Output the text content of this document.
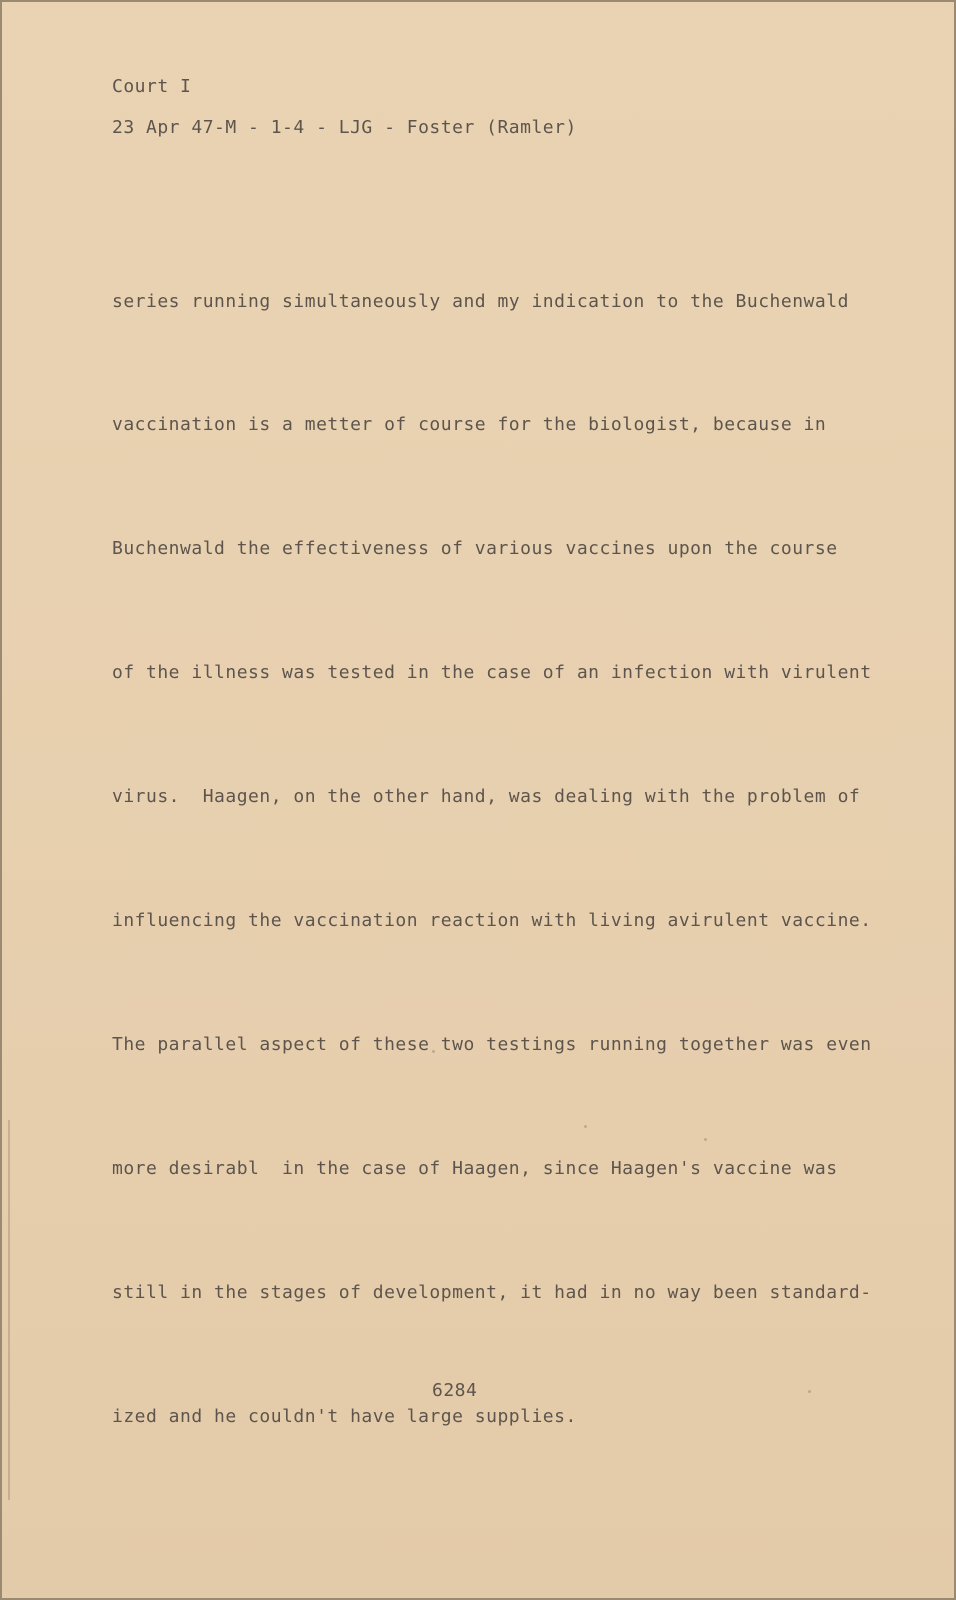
Court I

23 Apr 47-M - 1-4 - LJG - Foster (Ramler)

series running simultaneously and my indication to the Buchenwald

vaccination is a metter of course for the biologist, because in

Buchenwald the effectiveness of various vaccines upon the course

of the illness was tested in the case of an infection with virulent

virus.  Haagen, on the other hand, was dealing with the problem of

influencing the vaccination reaction with living avirulent vaccine.

The parallel aspect of these two testings running together was even

more desirabl  in the case of Haagen, since Haagen's vaccine was

still in the stages of development, it had in no way been standard-

ized and he couldn't have large supplies.

6284
